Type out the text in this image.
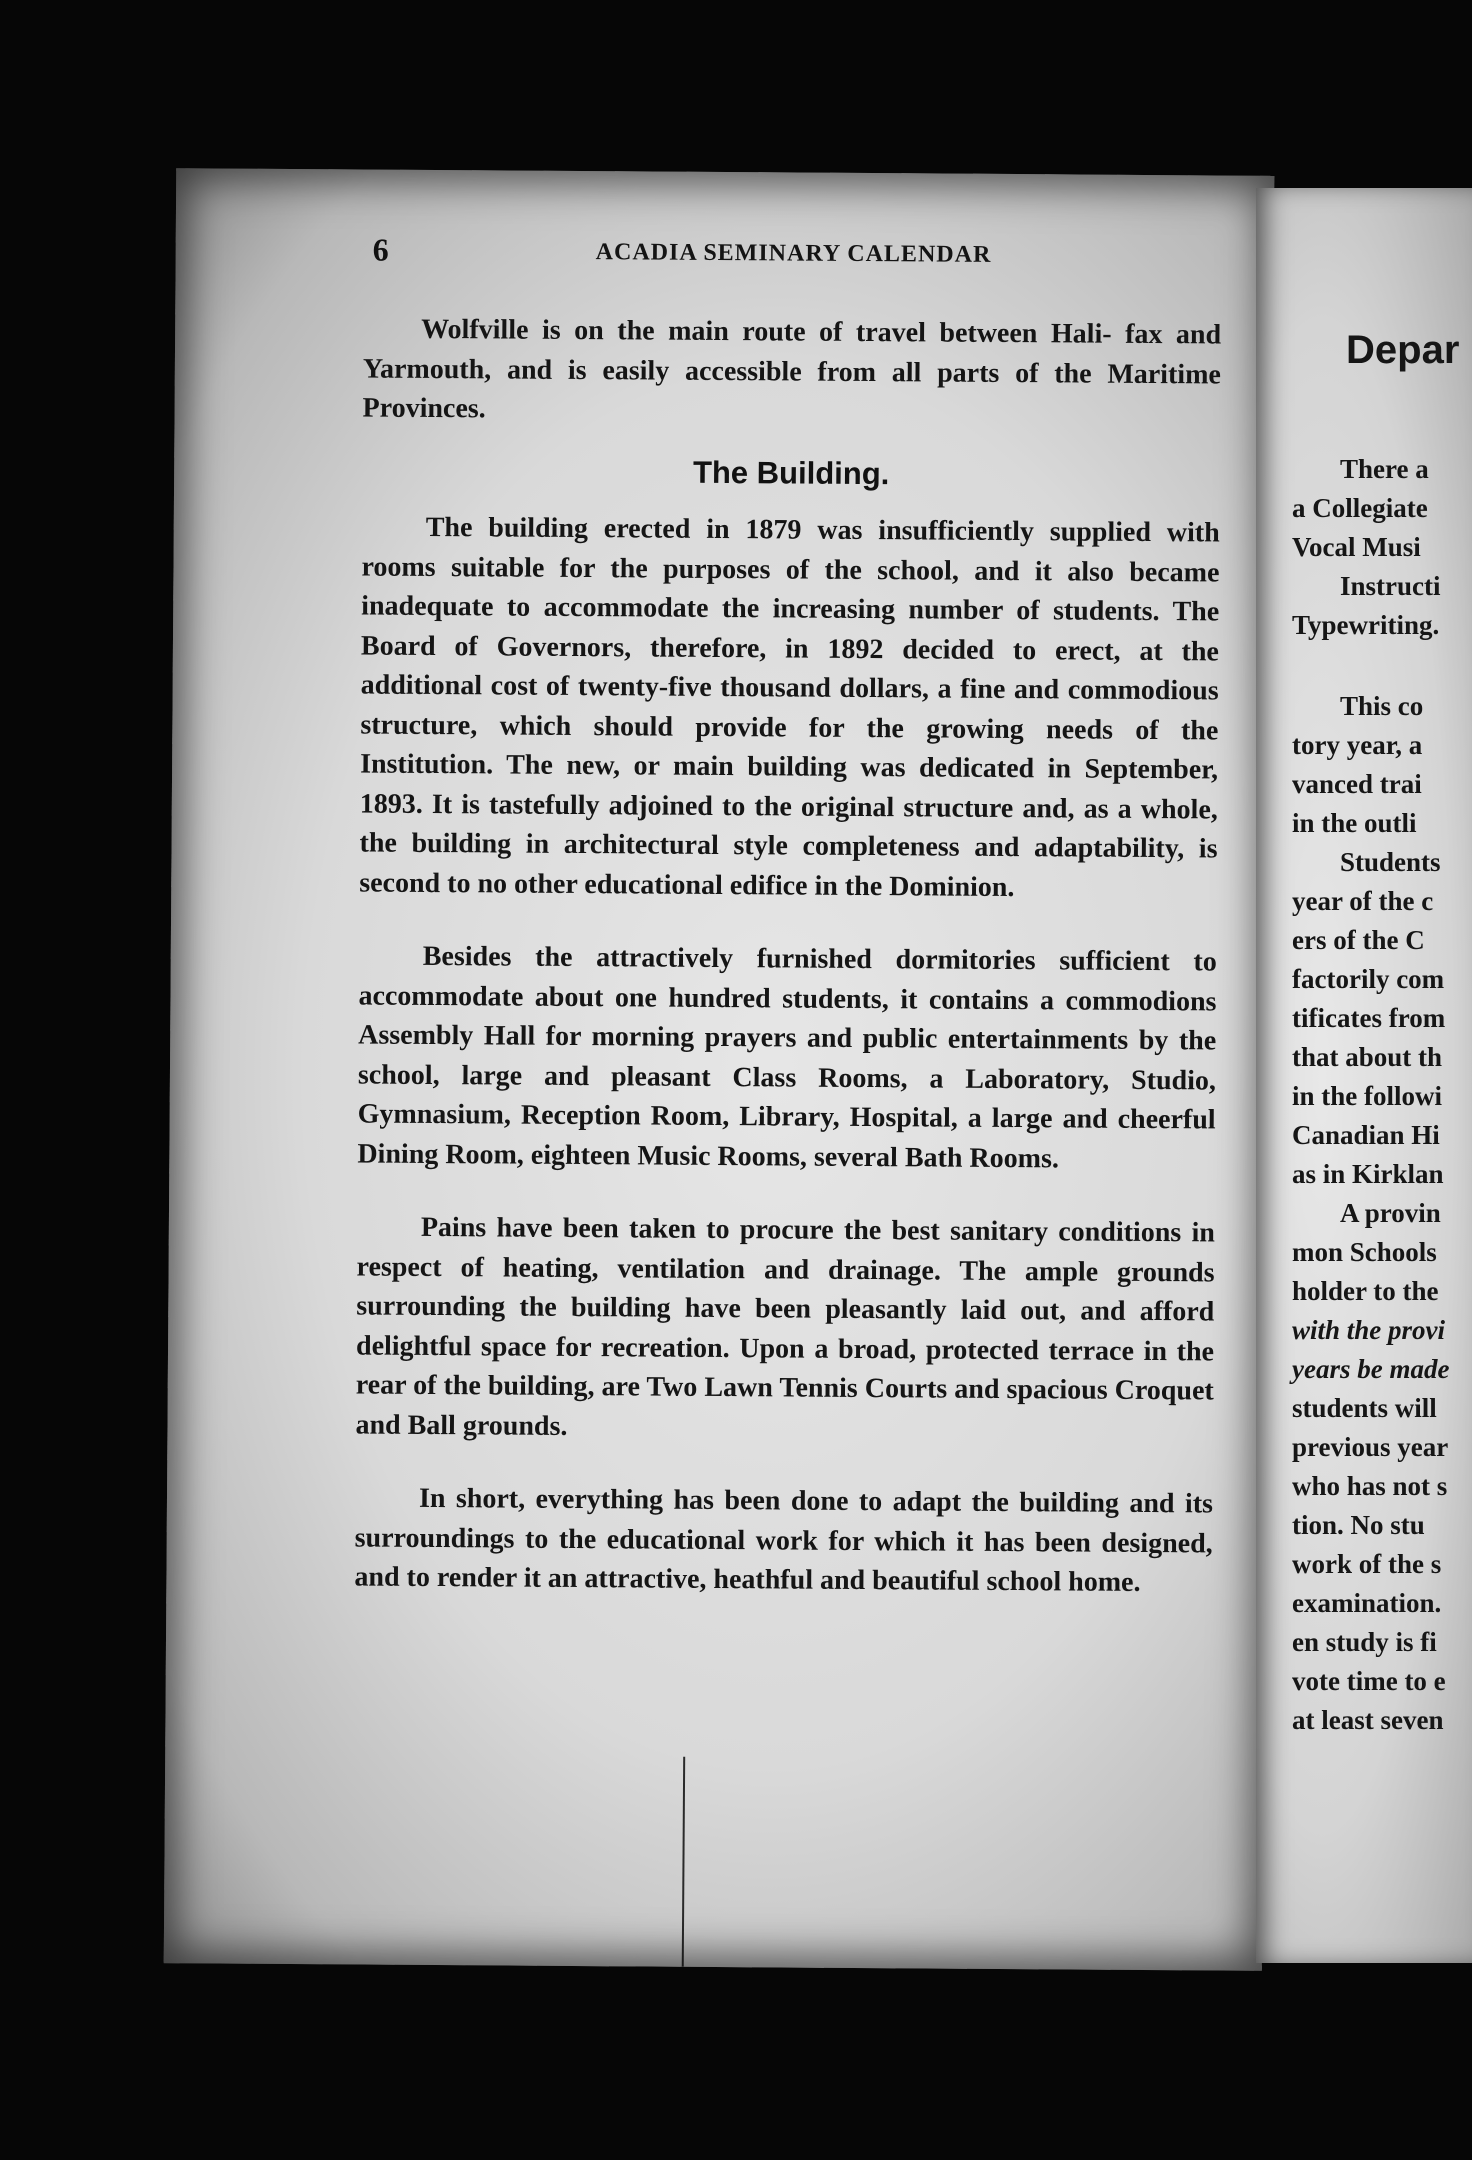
6	ACADIA SEMINARY CALENDAR

Wolfville is on the main route of travel between Hali- fax and Yarmouth, and is easily accessible from all parts of the Maritime Provinces.

The Building.

The building erected in 1879 was insufficiently supplied with rooms suitable for the purposes of the school, and it also became inadequate to accommodate the increasing number of students. The Board of Governors, therefore, in 1892 decided to erect, at the additional cost of twenty-five thousand dollars, a fine and commodious structure, which should provide for the growing needs of the Institution. The new, or main building was dedicated in September, 1893. It is tastefully adjoined to the original structure and, as a whole, the building in architectural style completeness and adaptability, is second to no other educational edifice in the Dominion.

Besides the attractively furnished dormitories sufficient to accommodate about one hundred students, it contains a commodions Assembly Hall for morning prayers and public entertainments by the school, large and pleasant Class Rooms, a Laboratory, Studio, Gymnasium, Reception Room, Library, Hospital, a large and cheerful Dining Room, eighteen Music Rooms, several Bath Rooms.

Pains have been taken to procure the best sanitary conditions in respect of heating, ventilation and drainage. The ample grounds surrounding the building have been pleasantly laid out, and afford delightful space for recreation. Upon a broad, protected terrace in the rear of the building, are Two Lawn Tennis Courts and spacious Croquet and Ball grounds.

In short, everything has been done to adapt the building and its surroundings to the educational work for which it has been designed, and to render it an attractive, heathful and beautiful school home.

Depar
There a
a Collegiate
Vocal Musi
Instructi
Typewriting.
This co
tory year, a
vanced trai
in the outli
Students
year of the c
ers of the C
factorily com
tificates from
that about th
in the followi
Canadian Hi
as in Kirklan
A provin
mon Schools
holder to the
with the provi
years be made
students will
previous year
who has not s
tion. No stu
work of the s
examination.
en study is fi
vote time to e
at least seven
